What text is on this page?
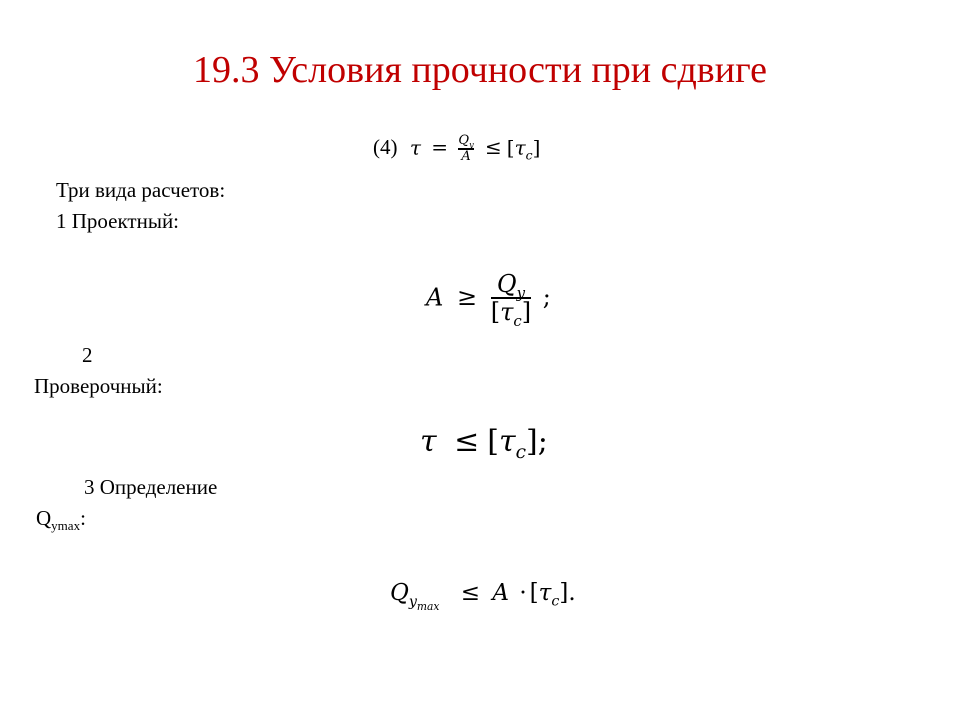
19.3 Условия прочности при сдвиге
(4) $\tau = \frac{Q_y}{A} \le [\tau_c]$
Три вида расчетов:
1 Проектный:
$A \ge \frac{Q_y}{[\tau_c]}$ ;
2
Проверочный:
$\tau \le [\tau_c]$;
3 Определение
$Q_{ymax}$:
$Q_{y_{max}} \le A \cdot [\tau_c]$.
